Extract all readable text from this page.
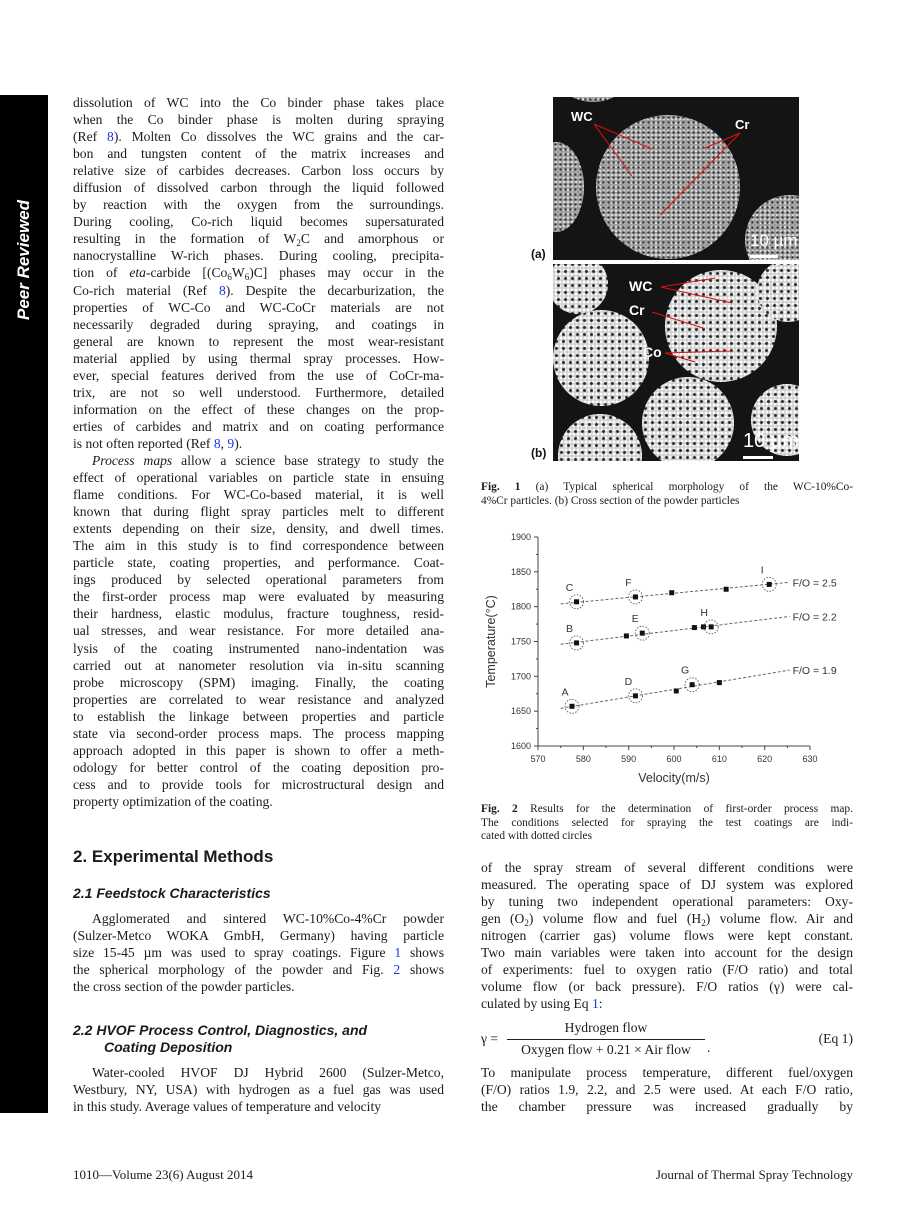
Peer Reviewed
dissolution of WC into the Co binder phase takes place
when the Co binder phase is molten during spraying
(Ref 8). Molten Co dissolves the WC grains and the car-
bon and tungsten content of the matrix increases and
relative size of carbides decreases. Carbon loss occurs by
diffusion of dissolved carbon through the liquid followed
by reaction with the oxygen from the surroundings.
During cooling, Co-rich liquid becomes supersaturated
resulting in the formation of $W_2C$ and amorphous or
nanocrystalline W-rich phases. During cooling, precipita-
tion of eta-carbide $[(Co_6W_6)C]$ phases may occur in the
Co-rich material (Ref 8). Despite the decarburization, the
properties of WC-Co and WC-CoCr materials are not
necessarily degraded during spraying, and coatings in
general are known to represent the most wear-resistant
material applied by using thermal spray processes. How-
ever, special features derived from the use of CoCr-ma-
trix, are not so well understood. Furthermore, detailed
information on the effect of these changes on the prop-
erties of carbides and matrix and on coating performance
is not often reported (Ref 8, 9).
Process maps allow a science base strategy to study the
effect of operational variables on particle state in ensuing
flame conditions. For WC-Co-based material, it is well
known that during flight spray particles melt to different
extents depending on their size, density, and dwell times.
The aim in this study is to find correspondence between
particle state, coating properties, and performance. Coat-
ings produced by selected operational parameters from
the first-order process map were evaluated by measuring
their hardness, elastic modulus, fracture toughness, resid-
ual stresses, and wear resistance. For more detailed ana-
lysis of the coating instrumented nano-indentation was
carried out at nanometer resolution via in-situ scanning
probe microscopy (SPM) imaging. Finally, the coating
properties are correlated to wear resistance and analyzed
to establish the linkage between properties and particle
state via second-order process maps. The process mapping
approach adopted in this paper is shown to offer a meth-
odology for better control of the coating deposition pro-
cess and to provide tools for microstructural design and
property optimization of the coating.
2. Experimental Methods
2.1 Feedstock Characteristics
Agglomerated and sintered WC-10%Co-4%Cr powder
(Sulzer-Metco WOKA GmbH, Germany) having particle
size 15-45 µm was used to spray coatings. Figure 1 shows
the spherical morphology of the powder and Fig. 2 shows
the cross section of the powder particles.
2.2 HVOF Process Control, Diagnostics, and
Coating Deposition
Water-cooled HVOF DJ Hybrid 2600 (Sulzer-Metco,
Westbury, NY, USA) with hydrogen as a fuel gas was used
in this study. Average values of temperature and velocity
WC
Cr
10 µm
WC
Cr
Co
10 µm
(a)
(b)
Fig. 1 (a) Typical spherical morphology of the WC-10%Co-
4%Cr particles. (b) Cross section of the powder particles
570	580	590	600	610	620	630
1600
1650
1700
1750
1800
1850
1900
Velocity(m/s)
Temperature(°C)
F/O = 2.5
C	F
I
F/O = 2.2
B
E
H
F/O = 1.9
A
D
G
Fig. 2 Results for the determination of first-order process map.
The conditions selected for spraying the test coatings are indi-
cated with dotted circles
of the spray stream of several different conditions were
measured. The operating space of DJ system was explored
by tuning two independent operational parameters: Oxy-
gen $(O_2)$ volume flow and fuel $(H_2)$ volume flow. Air and
nitrogen (carrier gas) volume flows were kept constant.
Two main variables were taken into account for the design
of experiments: fuel to oxygen ratio (F/O ratio) and total
volume flow (or back pressure). F/O ratios (γ) were cal-
culated by using Eq 1:
γ =
Hydrogen flow
Oxygen flow + 0.21 × Air flow	.
(Eq 1)
To manipulate process temperature, different fuel/oxygen
(F/O) ratios 1.9, 2.2, and 2.5 were used. At each F/O ratio,
the chamber pressure was increased gradually by
1010—Volume 23(6) August 2014	Journal of Thermal Spray Technology
